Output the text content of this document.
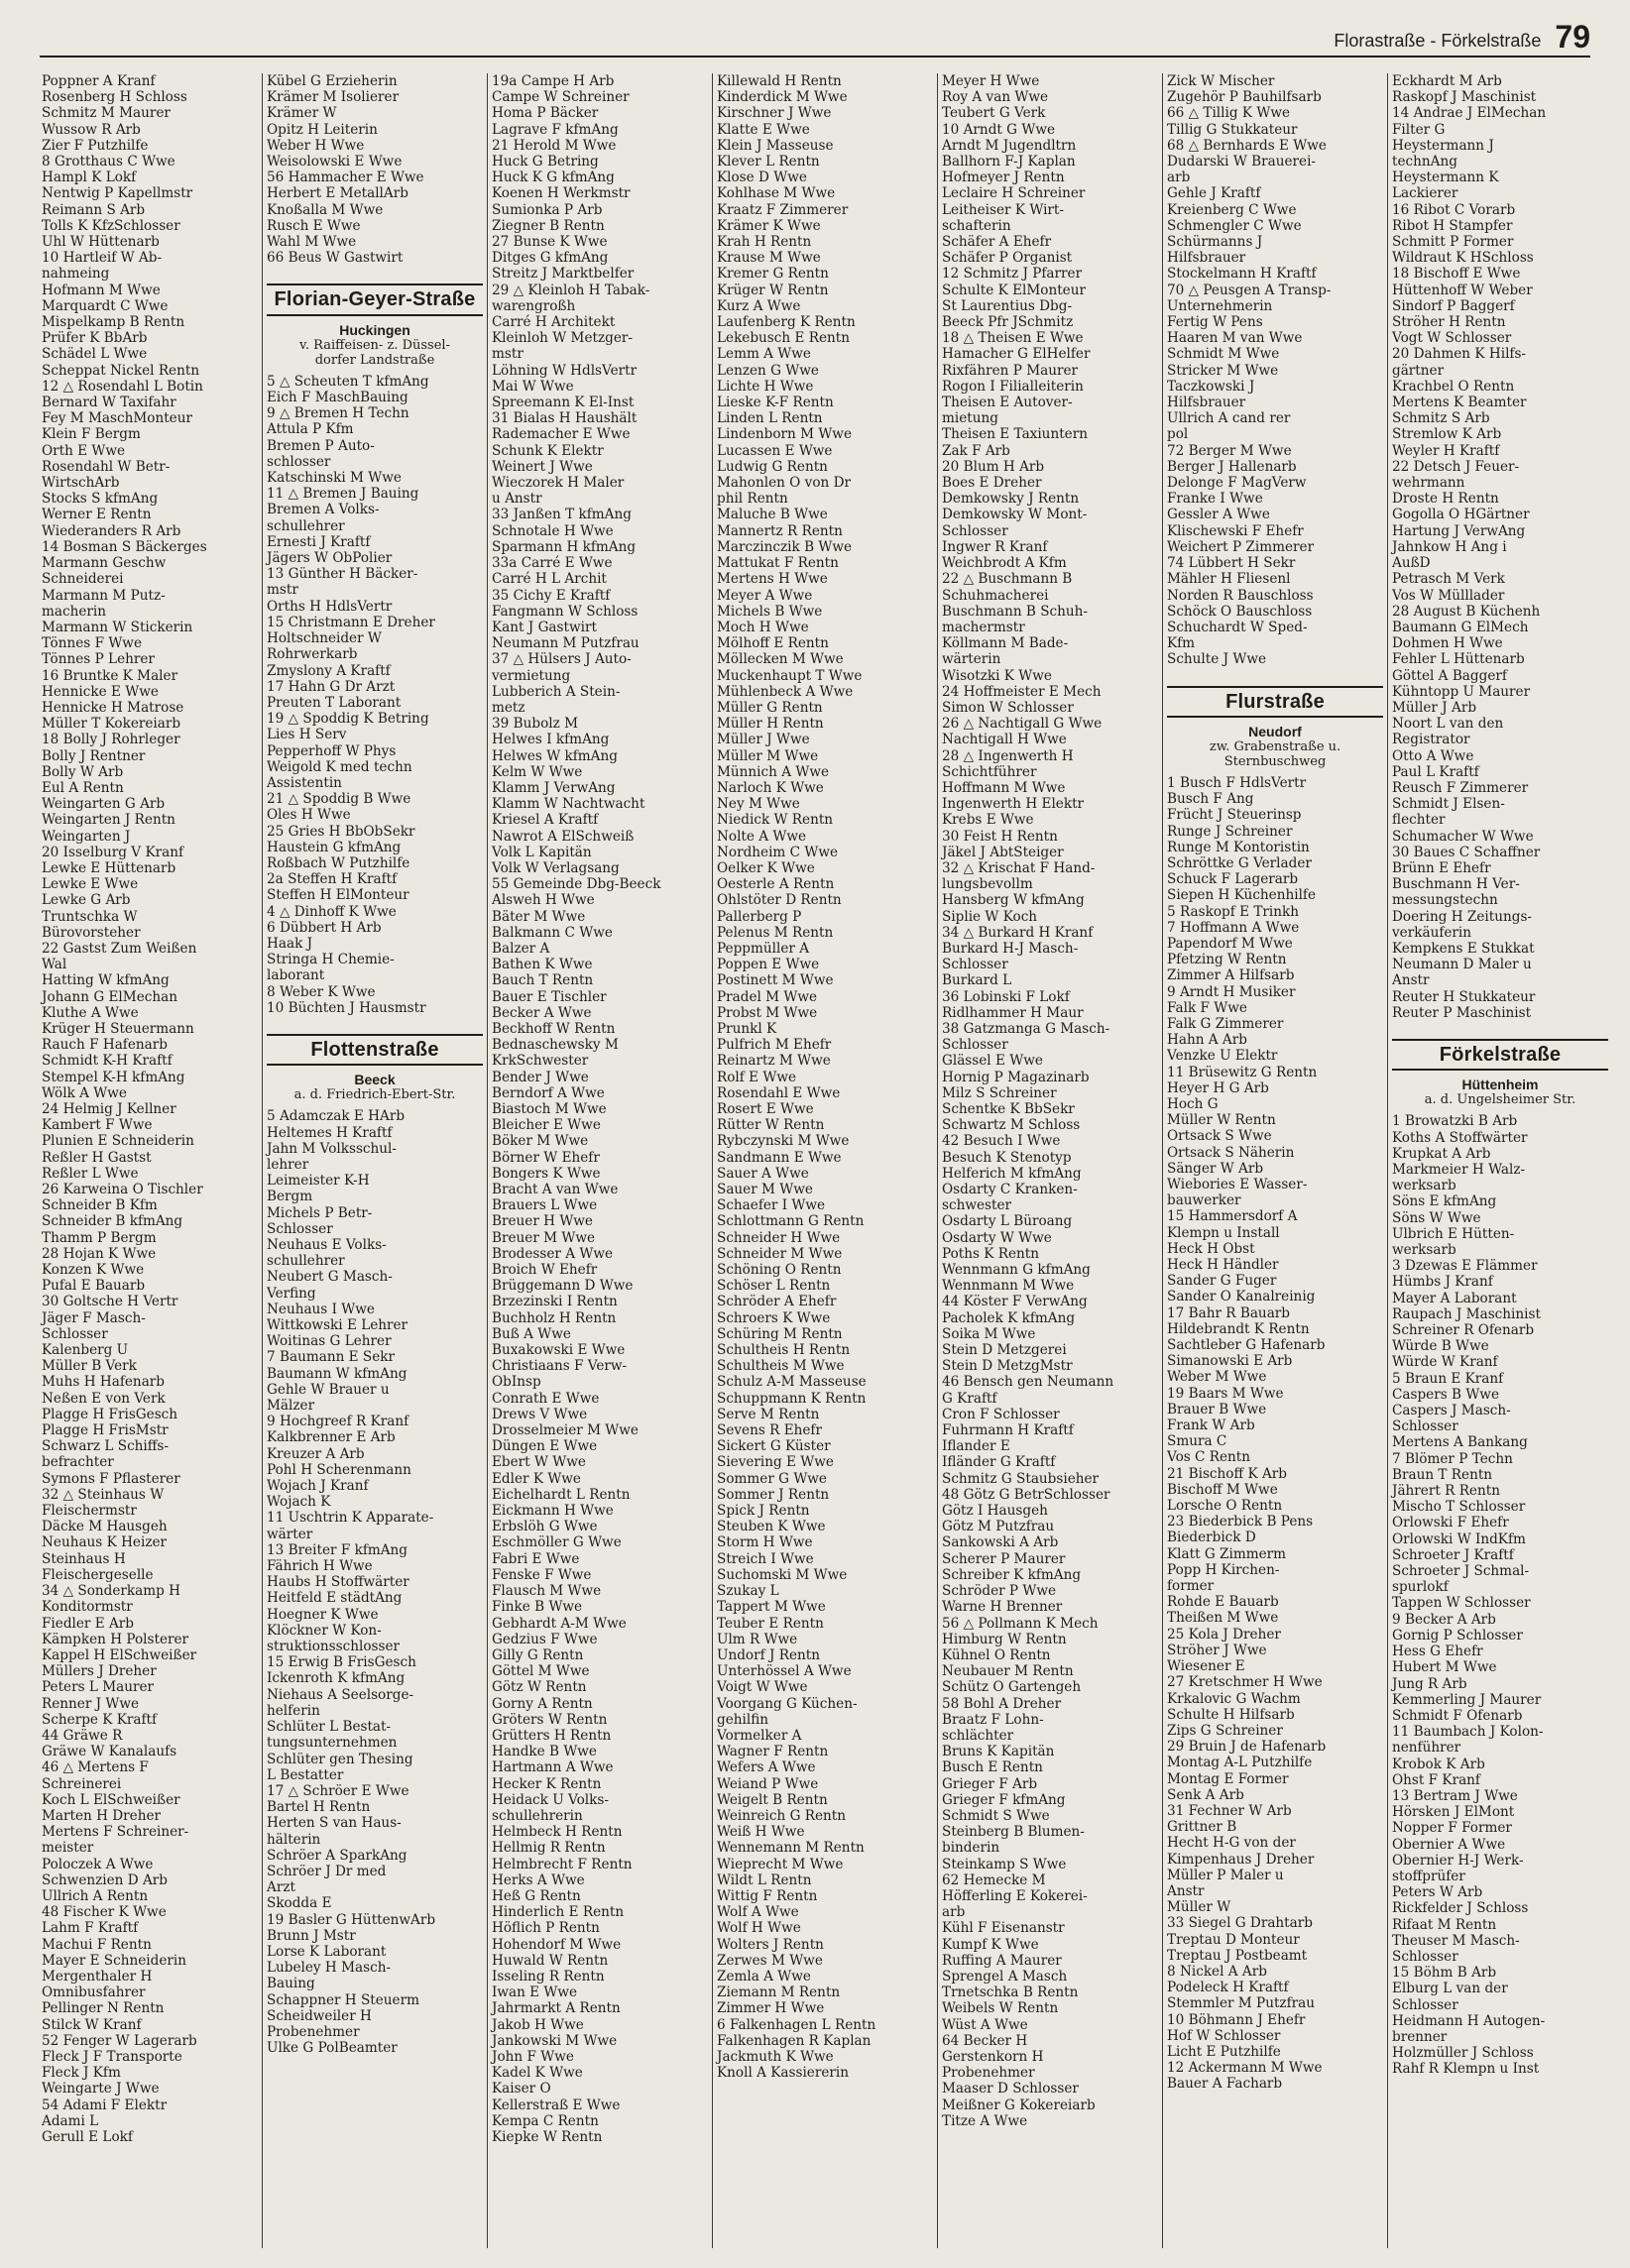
Florastraße - Förkelstraße 79
Poppner A Kranf
Rosenberg H Schloss
Schmitz M Maurer
Wussow R Arb
Zier F Putzhilfe
8 Grotthaus C Wwe
Hampl K Lokf
Nentwig P Kapellmstr
Reimann S Arb
Tolls K KfzSchlosser
Uhl W Hüttenarb
10 Hartleif W Ab-
nahmeing
Hofmann M Wwe
Marquardt C Wwe
Mispelkamp B Rentn
Prüfer K BbArb
Schädel L Wwe
Scheppat Nickel Rentn
12 △ Rosendahl L Botin
Bernard W Taxifahr
Fey M MaschMonteur
Klein F Bergm
Orth E Wwe
Rosendahl W Betr-
WirtschArb
Stocks S kfmAng
Werner E Rentn
Wiederanders R Arb
14 Bosman S Bäckerges
Marmann Geschw
Schneiderei
Marmann M Putz-
macherin
Marmann W Stickerin
Tönnes F Wwe
Tönnes P Lehrer
16 Bruntke K Maler
Hennicke E Wwe
Hennicke H Matrose
Müller T Kokereiarb
18 Bolly J Rohrleger
Bolly J Rentner
Bolly W Arb
Eul A Rentn
Weingarten G Arb
Weingarten J Rentn
Weingarten J
20 Isselburg V Kranf
Lewke E Hüttenarb
Lewke E Wwe
Lewke G Arb
Truntschka W
Bürovorsteher
22 Gastst Zum Weißen
Wal
Hatting W kfmAng
Johann G ElMechan
Kluthe A Wwe
Krüger H Steuermann
Rauch F Hafenarb
Schmidt K-H Kraftf
Stempel K-H kfmAng
Wölk A Wwe
24 Helmig J Kellner
Kambert F Wwe
Plunien E Schneiderin
Reßler H Gastst
Reßler L Wwe
26 Karweina O Tischler
Schneider B Kfm
Schneider B kfmAng
Thamm P Bergm
28 Hojan K Wwe
Konzen K Wwe
Pufal E Bauarb
30 Goltsche H Vertr
Jäger F Masch-
Schlosser
Kalenberg U
Müller B Verk
Muhs H Hafenarb
Neßen E von Verk
Plagge H FrisGesch
Plagge H FrisMstr
Schwarz L Schiffs-
befrachter
Symons F Pflasterer
32 △ Steinhaus W
Fleischermstr
Däcke M Hausgeh
Neuhaus K Heizer
Steinhaus H
Fleischergeselle
34 △ Sonderkamp H
Konditormstr
Fiedler E Arb
Kämpken H Polsterer
Kappel H ElSchweißer
Müllers J Dreher
Peters L Maurer
Renner J Wwe
Scherpe K Kraftf
44 Gräwe R
Gräwe W Kanalaufs
46 △ Mertens F
Schreinerei
Koch L ElSchweißer
Marten H Dreher
Mertens F Schreiner-
meister
Poloczek A Wwe
Schwenzien D Arb
Ullrich A Rentn
48 Fischer K Wwe
Lahm F Kraftf
Machui F Rentn
Mayer E Schneiderin
Mergenthaler H
Omnibusfahrer
Pellinger N Rentn
Stilck W Kranf
52 Fenger W Lagerarb
Fleck J F Transporte
Fleck J Kfm
Weingarte J Wwe
54 Adami F Elektr
Adami L
Gerull E Lokf
Kübel G Erzieherin
Krämer M Isolierer
Krämer W
Opitz H Leiterin
Weber H Wwe
Weisolowski E Wwe
56 Hammacher E Wwe
Herbert E MetallArb
Knoßalla M Wwe
Rusch E Wwe
Wahl M Wwe
66 Beus W Gastwirt
Florian-Geyer-Straße
Huckingen
v. Raiffeisen- z. Düssel-
dorfer Landstraße
5 △ Scheuten T kfmAng
Eich F MaschBauing
9 △ Bremen H Techn
Attula P Kfm
Bremen P Auto-
schlosser
Katschinski M Wwe
11 △ Bremen J Bauing
Bremen A Volks-
schullehrer
Ernesti J Kraftf
Jägers W ObPolier
13 Günther H Bäcker-
mstr
Orths H HdlsVertr
15 Christmann E Dreher
Holtschneider W
Rohrwerkarb
Zmyslony A Kraftf
17 Hahn G Dr Arzt
Preuten T Laborant
19 △ Spoddig K Betring
Lies H Serv
Pepperhoff W Phys
Weigold K med techn
Assistentin
21 △ Spoddig B Wwe
Oles H Wwe
25 Gries H BbObSekr
Haustein G kfmAng
Roßbach W Putzhilfe
2a Steffen H Kraftf
Steffen H ElMonteur
4 △ Dinhoff K Wwe
6 Dübbert H Arb
Haak J
Stringa H Chemie-
laborant
8 Weber K Wwe
10 Büchten J Hausmstr
Flottenstraße
Beeck
a. d. Friedrich-Ebert-Str.
5 Adamczak E HArb
Heltemes H Kraftf
Jahn M Volksschul-
lehrer
Leimeister K-H
Bergm
Michels P Betr-
Schlosser
Neuhaus E Volks-
schullehrer
Neubert G Masch-
Verfing
Neuhaus I Wwe
Wittkowski E Lehrer
Woitinas G Lehrer
7 Baumann E Sekr
Baumann W kfmAng
Gehle W Brauer u
Mälzer
9 Hochgreef R Kranf
Kalkbrenner E Arb
Kreuzer A Arb
Pohl H Scherenmann
Wojach J Kranf
Wojach K
11 Uschtrin K Apparate-
wärter
13 Breiter F kfmAng
Fährich H Wwe
Haubs H Stoffwärter
Heitfeld E städtAng
Hoegner K Wwe
Klöckner W Kon-
struktionsschlosser
15 Erwig B FrisGesch
Ickenroth K kfmAng
Niehaus A Seelsorge-
helferin
Schlüter L Bestat-
tungsunternehmen
Schlüter gen Thesing
L Bestatter
17 △ Schröer E Wwe
Bartel H Rentn
Herten S van Haus-
hälterin
Schröer A SparkAng
Schröer J Dr med
Arzt
Skodda E
19 Basler G HüttenwArb
Brunn J Mstr
Lorse K Laborant
Lubeley H Masch-
Bauing
Schappner H Steuerm
Scheidweiler H
Probenehmer
Ulke G PolBeamter
19a Campe H Arb
Campe W Schreiner
Homa P Bäcker
Lagrave F kfmAng
21 Herold M Wwe
Huck G Betring
Huck K G kfmAng
Koenen H Werkmstr
Sumionka P Arb
Ziegner B Rentn
27 Bunse K Wwe
Ditges G kfmAng
Streitz J Marktbelfer
29 △ Kleinloh H Tabak-
warengroßh
Carré H Architekt
Kleinloh W Metzger-
mstr
Löhning W HdlsVertr
Mai W Wwe
Spreemann K El-Inst
31 Bialas H Haushält
Rademacher E Wwe
Schunk K Elektr
Weinert J Wwe
Wieczorek H Maler
u Anstr
33 Janßen T kfmAng
Schnotale H Wwe
Sparmann H kfmAng
33a Carré E Wwe
Carré H L Archit
35 Cichy E Kraftf
Fangmann W Schloss
Kant J Gastwirt
Neumann M Putzfrau
37 △ Hülsers J Auto-
vermietung
Lubberich A Stein-
metz
39 Bubolz M
Helwes I kfmAng
Helwes W kfmAng
Kelm W Wwe
Klamm J VerwAng
Klamm W Nachtwacht
Kriesel A Kraftf
Nawrot A ElSchweiß
Volk L Kapitän
Volk W Verlagsang
55 Gemeinde Dbg-Beeck
Alsweh H Wwe
Bäter M Wwe
Balkmann C Wwe
Balzer A
Bathen K Wwe
Bauch T Rentn
Bauer E Tischler
Becker A Wwe
Beckhoff W Rentn
Bednaschewsky M
KrkSchwester
Bender J Wwe
Berndorf A Wwe
Biastoch M Wwe
Bleicher E Wwe
Böker M Wwe
Börner W Ehefr
Bongers K Wwe
Bracht A van Wwe
Brauers L Wwe
Breuer H Wwe
Breuer M Wwe
Brodesser A Wwe
Broich W Ehefr
Brüggemann D Wwe
Brzezinski I Rentn
Buchholz H Rentn
Buß A Wwe
Buxakowski E Wwe
Christiaans F Verw-
ObInsp
Conrath E Wwe
Drews V Wwe
Drosselmeier M Wwe
Düngen E Wwe
Ebert W Wwe
Edler K Wwe
Eichelhardt L Rentn
Eickmann H Wwe
Erbslöh G Wwe
Eschmöller G Wwe
Fabri E Wwe
Fenske F Wwe
Flausch M Wwe
Finke B Wwe
Gebhardt A-M Wwe
Gedzius F Wwe
Gilly G Rentn
Göttel M Wwe
Götz W Rentn
Gorny A Rentn
Gröters W Rentn
Grütters H Rentn
Handke B Wwe
Hartmann A Wwe
Hecker K Rentn
Heidack U Volks-
schullehrerin
Helmbeck H Rentn
Hellmig R Rentn
Helmbrecht F Rentn
Herks A Wwe
Heß G Rentn
Hinderlich E Rentn
Höflich P Rentn
Hohendorf M Wwe
Huwald W Rentn
Isseling R Rentn
Iwan E Wwe
Jahrmarkt A Rentn
Jakob H Wwe
Jankowski M Wwe
John F Wwe
Kadel K Wwe
Kaiser O
Kellerstraß E Wwe
Kempa C Rentn
Kiepke W Rentn
Killewald H Rentn
Kinderdick M Wwe
Kirschner J Wwe
Klatte E Wwe
Klein J Masseuse
Klever L Rentn
Klose D Wwe
Kohlhase M Wwe
Kraatz F Zimmerer
Krämer K Wwe
Krah H Rentn
Krause M Wwe
Kremer G Rentn
Krüger W Rentn
Kurz A Wwe
Laufenberg K Rentn
Lekebusch E Rentn
Lemm A Wwe
Lenzen G Wwe
Lichte H Wwe
Lieske K-F Rentn
Linden L Rentn
Lindenborn M Wwe
Lucassen E Wwe
Ludwig G Rentn
Mahonlen O von Dr
phil Rentn
Maluche B Wwe
Mannertz R Rentn
Marczinczik B Wwe
Mattukat F Rentn
Mertens H Wwe
Meyer A Wwe
Michels B Wwe
Moch H Wwe
Mölhoff E Rentn
Möllecken M Wwe
Muckenhaupt T Wwe
Mühlenbeck A Wwe
Müller G Rentn
Müller H Rentn
Müller J Wwe
Müller M Wwe
Münnich A Wwe
Narloch K Wwe
Ney M Wwe
Niedick W Rentn
Nolte A Wwe
Nordheim C Wwe
Oelker K Wwe
Oesterle A Rentn
Ohlstöter D Rentn
Pallerberg P
Pelenus M Rentn
Peppmüller A
Poppen E Wwe
Postinett M Wwe
Pradel M Wwe
Probst M Wwe
Prunkl K
Pulfrich M Ehefr
Reinartz M Wwe
Rolf E Wwe
Rosendahl E Wwe
Rosert E Wwe
Rütter W Rentn
Rybczynski M Wwe
Sandmann E Wwe
Sauer A Wwe
Sauer M Wwe
Schaefer I Wwe
Schlottmann G Rentn
Schneider H Wwe
Schneider M Wwe
Schöning O Rentn
Schöser L Rentn
Schröder A Ehefr
Schroers K Wwe
Schüring M Rentn
Schultheis H Rentn
Schultheis M Wwe
Schulz A-M Masseuse
Schuppmann K Rentn
Serve M Rentn
Sevens R Ehefr
Sickert G Küster
Sievering E Wwe
Sommer G Wwe
Sommer J Rentn
Spick J Rentn
Steuben K Wwe
Storm H Wwe
Streich I Wwe
Suchomski M Wwe
Szukay L
Tappert M Wwe
Teuber E Rentn
Ulm R Wwe
Undorf J Rentn
Unterhössel A Wwe
Voigt W Wwe
Voorgang G Küchen-
gehilfin
Vormelker A
Wagner F Rentn
Wefers A Wwe
Weiand P Wwe
Weigelt B Rentn
Weinreich G Rentn
Weiß H Wwe
Wennemann M Rentn
Wieprecht M Wwe
Wildt L Rentn
Wittig F Rentn
Wolf A Wwe
Wolf H Wwe
Wolters J Rentn
Zerwes M Wwe
Zemla A Wwe
Ziemann M Rentn
Zimmer H Wwe
6 Falkenhagen L Rentn
Falkenhagen R Kaplan
Jackmuth K Wwe
Knoll A Kassiererin
Meyer H Wwe
Roy A van Wwe
Teubert G Verk
10 Arndt G Wwe
Arndt M Jugendltrn
Ballhorn F-J Kaplan
Hofmeyer J Rentn
Leclaire H Schreiner
Leitheiser K Wirt-
schafterin
Schäfer A Ehefr
Schäfer P Organist
12 Schmitz J Pfarrer
Schulte K ElMonteur
St Laurentius Dbg-
Beeck Pfr JSchmitz
18 △ Theisen E Wwe
Hamacher G ElHelfer
Rixfähren P Maurer
Rogon I Filialleiterin
Theisen E Autover-
mietung
Theisen E Taxiuntern
Zak F Arb
20 Blum H Arb
Boes E Dreher
Demkowsky J Rentn
Demkowsky W Mont-
Schlosser
Ingwer R Kranf
Weichbrodt A Kfm
22 △ Buschmann B
Schuhmacherei
Buschmann B Schuh-
machermstr
Köllmann M Bade-
wärterin
Wisotzki K Wwe
24 Hoffmeister E Mech
Simon W Schlosser
26 △ Nachtigall G Wwe
Nachtigall H Wwe
28 △ Ingenwerth H
Schichtführer
Hoffmann M Wwe
Ingenwerth H Elektr
Krebs E Wwe
30 Feist H Rentn
Jäkel J AbtSteiger
32 △ Krischat F Hand-
lungsbevollm
Hansberg W kfmAng
Siplie W Koch
34 △ Burkard H Kranf
Burkard H-J Masch-
Schlosser
Burkard L
36 Lobinski F Lokf
Ridlhammer H Maur
38 Gatzmanga G Masch-
Schlosser
Glässel E Wwe
Hornig P Magazinarb
Milz S Schreiner
Schentke K BbSekr
Schwartz M Schloss
42 Besuch I Wwe
Besuch K Stenotyp
Helferich M kfmAng
Osdarty C Kranken-
schwester
Osdarty L Büroang
Osdarty W Wwe
Poths K Rentn
Wennmann G kfmAng
Wennmann M Wwe
44 Köster F VerwAng
Pacholek K kfmAng
Soika M Wwe
Stein D Metzgerei
Stein D MetzgMstr
46 Bensch gen Neumann
G Kraftf
Cron F Schlosser
Fuhrmann H Kraftf
Iflander E
Ifländer G Kraftf
Schmitz G Staubsieher
48 Götz G BetrSchlosser
Götz I Hausgeh
Götz M Putzfrau
Sankowski A Arb
Scherer P Maurer
Schreiber K kfmAng
Schröder P Wwe
Warne H Brenner
56 △ Pollmann K Mech
Himburg W Rentn
Kühnel O Rentn
Neubauer M Rentn
Schütz O Gartengeh
58 Bohl A Dreher
Braatz F Lohn-
schlächter
Bruns K Kapitän
Busch E Rentn
Grieger F Arb
Grieger F kfmAng
Schmidt S Wwe
Steinberg B Blumen-
binderin
Steinkamp S Wwe
62 Hemecke M
Höfferling E Kokerei-
arb
Kühl F Eisenanstr
Kumpf K Wwe
Ruffing A Maurer
Sprengel A Masch
Trnetschka B Rentn
Weibels W Rentn
Wüst A Wwe
64 Becker H
Gerstenkorn H
Probenehmer
Maaser D Schlosser
Meißner G Kokereiarb
Titze A Wwe
Zick W Mischer
Zugehör P Bauhilfsarb
66 △ Tillig K Wwe
Tillig G Stukkateur
68 △ Bernhards E Wwe
Dudarski W Brauerei-
arb
Gehle J Kraftf
Kreienberg C Wwe
Schmengler C Wwe
Schürmanns J
Hilfsbrauer
Stockelmann H Kraftf
70 △ Peusgen A Transp-
Unternehmerin
Fertig W Pens
Haaren M van Wwe
Schmidt M Wwe
Stricker M Wwe
Taczkowski J
Hilfsbrauer
Ullrich A cand rer
pol
72 Berger M Wwe
Berger J Hallenarb
Delonge F MagVerw
Franke I Wwe
Gessler A Wwe
Klischewski F Ehefr
Weichert P Zimmerer
74 Lübbert H Sekr
Mähler H Fliesenl
Norden R Bauschloss
Schöck O Bauschloss
Schuchardt W Sped-
Kfm
Schulte J Wwe
Flurstraße
Neudorf
zw. Grabenstraße u.
Sternbuschweg
1 Busch F HdlsVertr
Busch F Ang
Frücht J Steuerinsp
Runge J Schreiner
Runge M Kontoristin
Schröttke G Verlader
Schuck F Lagerarb
Siepen H Küchenhilfe
5 Raskopf E Trinkh
7 Hoffmann A Wwe
Papendorf M Wwe
Pfetzing W Rentn
Zimmer A Hilfsarb
9 Arndt H Musiker
Falk F Wwe
Falk G Zimmerer
Hahn A Arb
Venzke U Elektr
11 Brüsewitz G Rentn
Heyer H G Arb
Hoch G
Müller W Rentn
Ortsack S Wwe
Ortsack S Näherin
Sänger W Arb
Wiebories E Wasser-
bauwerker
15 Hammersdorf A
Klempn u Install
Heck H Obst
Heck H Händler
Sander G Fuger
Sander O Kanalreinig
17 Bahr R Bauarb
Hildebrandt K Rentn
Sachtleber G Hafenarb
Simanowski E Arb
Weber M Wwe
19 Baars M Wwe
Brauer B Wwe
Frank W Arb
Smura C
Vos C Rentn
21 Bischoff K Arb
Bischoff M Wwe
Lorsche O Rentn
23 Biederbick B Pens
Biederbick D
Klatt G Zimmerm
Popp H Kirchen-
former
Rohde E Bauarb
Theißen M Wwe
25 Kola J Dreher
Ströher J Wwe
Wiesener E
27 Kretschmer H Wwe
Krkalovic G Wachm
Schulte H Hilfsarb
Zips G Schreiner
29 Bruin J de Hafenarb
Montag A-L Putzhilfe
Montag E Former
Senk A Arb
31 Fechner W Arb
Grittner B
Hecht H-G von der
Kimpenhaus J Dreher
Müller P Maler u
Anstr
Müller W
33 Siegel G Drahtarb
Treptau D Monteur
Treptau J Postbeamt
8 Nickel A Arb
Podeleck H Kraftf
Stemmler M Putzfrau
10 Böhmann J Ehefr
Hof W Schlosser
Licht E Putzhilfe
12 Ackermann M Wwe
Bauer A Facharb
Eckhardt M Arb
Raskopf J Maschinist
14 Andrae J ElMechan
Filter G
Heystermann J
technAng
Heystermann K
Lackierer
16 Ribot C Vorarb
Ribot H Stampfer
Schmitt P Former
Wildraut K HSchloss
18 Bischoff E Wwe
Hüttenhoff W Weber
Sindorf P Baggerf
Ströher H Rentn
Vogt W Schlosser
20 Dahmen K Hilfs-
gärtner
Krachbel O Rentn
Mertens K Beamter
Schmitz S Arb
Stremlow K Arb
Weyler H Kraftf
22 Detsch J Feuer-
wehrmann
Droste H Rentn
Gogolla O HGärtner
Hartung J VerwAng
Jahnkow H Ang i
AußD
Petrasch M Verk
Vos W Mülllader
28 August B Küchenh
Baumann G ElMech
Dohmen H Wwe
Fehler L Hüttenarb
Göttel A Baggerf
Kühntopp U Maurer
Müller J Arb
Noort L van den
Registrator
Otto A Wwe
Paul L Kraftf
Reusch F Zimmerer
Schmidt J Elsen-
flechter
Schumacher W Wwe
30 Baues C Schaffner
Brünn E Ehefr
Buschmann H Ver-
messungstechn
Doering H Zeitungs-
verkäuferin
Kempkens E Stukkat
Neumann D Maler u
Anstr
Reuter H Stukkateur
Reuter P Maschinist
Förkelstraße
Hüttenheim
a. d. Ungelsheimer Str.
1 Browatzki B Arb
Koths A Stoffwärter
Krupkat A Arb
Markmeier H Walz-
werksarb
Söns E kfmAng
Söns W Wwe
Ulbrich E Hütten-
werksarb
3 Dzewas E Flämmer
Hümbs J Kranf
Mayer A Laborant
Raupach J Maschinist
Schreiner R Ofenarb
Würde B Wwe
Würde W Kranf
5 Braun E Kranf
Caspers B Wwe
Caspers J Masch-
Schlosser
Mertens A Bankang
7 Blömer P Techn
Braun T Rentn
Jährert R Rentn
Mischo T Schlosser
Orlowski F Ehefr
Orlowski W IndKfm
Schroeter J Kraftf
Schroeter J Schmal-
spurlokf
Tappen W Schlosser
9 Becker A Arb
Gornig P Schlosser
Hess G Ehefr
Hubert M Wwe
Jung R Arb
Kemmerling J Maurer
Schmidt F Ofenarb
11 Baumbach J Kolon-
nenführer
Krobok K Arb
Ohst F Kranf
13 Bertram J Wwe
Hörsken J ElMont
Nopper F Former
Obernier A Wwe
Obernier H-J Werk-
stoffprüfer
Peters W Arb
Rickfelder J Schloss
Rifaat M Rentn
Theuser M Masch-
Schlosser
15 Böhm B Arb
Elburg L van der
Schlosser
Heidmann H Autogen-
brenner
Holzmüller J Schloss
Rahf R Klempn u Inst
